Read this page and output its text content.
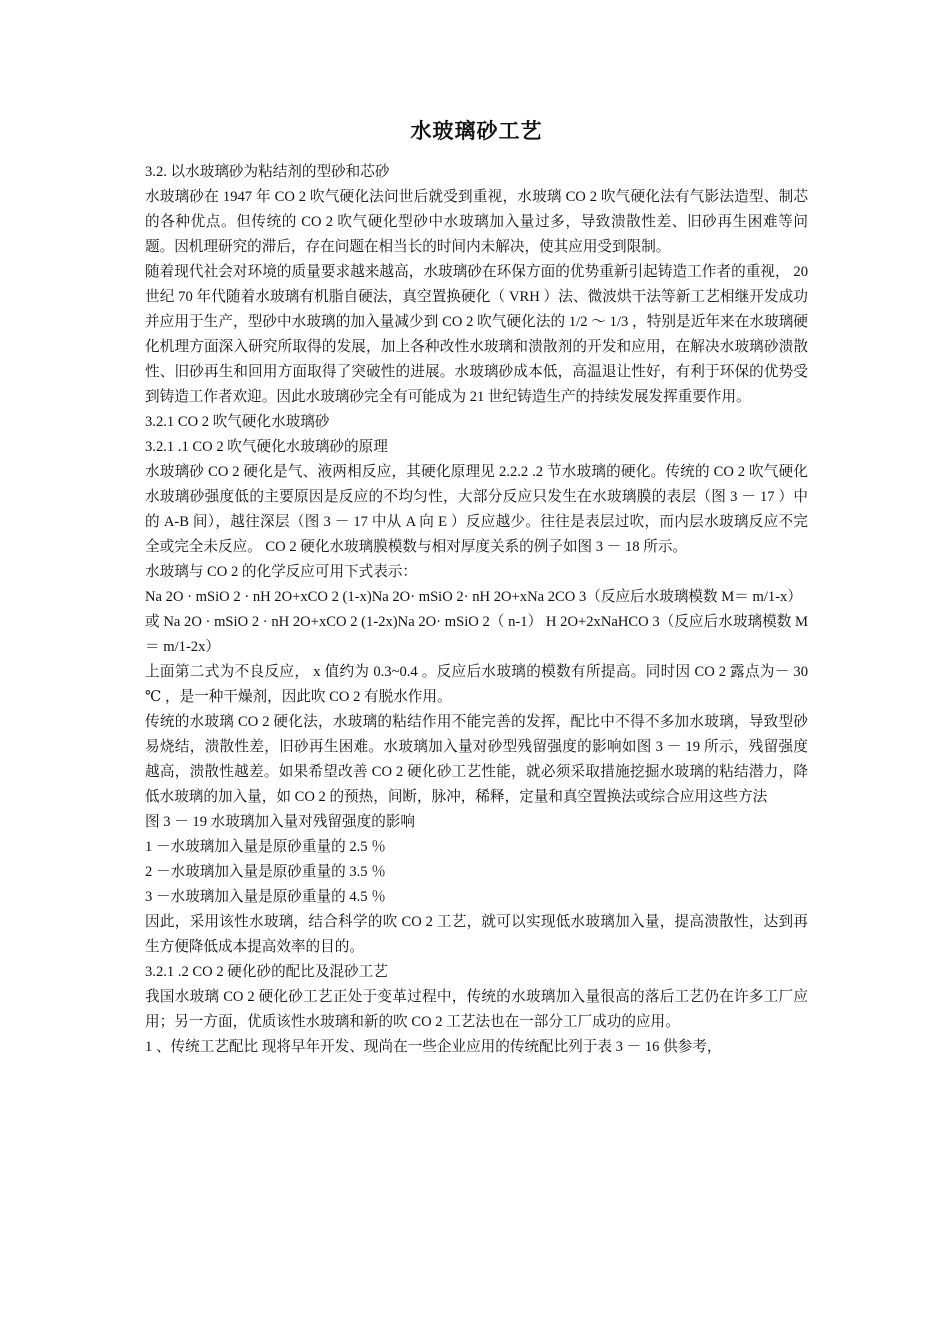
水玻璃砂工艺

3.2. 以水玻璃砂为粘结剂的型砂和芯砂

水玻璃砂在 1947 年 CO 2 吹气硬化法问世后就受到重视，水玻璃 CO 2 吹气硬化法有气影法造型、制芯的各种优点。但传统的 CO 2 吹气硬化型砂中水玻璃加入量过多，导致溃散性差、旧砂再生困难等问题。因机理研究的滞后，存在问题在相当长的时间内未解决，使其应用受到限制。

随着现代社会对环境的质量要求越来越高，水玻璃砂在环保方面的优势重新引起铸造工作者的重视， 20 世纪 70 年代随着水玻璃有机脂自硬法，真空置换硬化（ VRH ）法、微波烘干法等新工艺相继开发成功并应用于生产，型砂中水玻璃的加入量减少到 CO 2 吹气硬化法的 1/2 ～ 1/3 ，特别是近年来在水玻璃硬化机理方面深入研究所取得的发展，加上各种改性水玻璃和溃散剂的开发和应用，在解决水玻璃砂溃散性、旧砂再生和回用方面取得了突破性的进展。水玻璃砂成本低，高温退让性好，有利于环保的优势受到铸造工作者欢迎。因此水玻璃砂完全有可能成为 21 世纪铸造生产的持续发展发挥重要作用。

3.2.1 CO 2 吹气硬化水玻璃砂

3.2.1 .1 CO 2 吹气硬化水玻璃砂的原理

水玻璃砂 CO 2 硬化是气、液两相反应，其硬化原理见 2.2.2 .2 节水玻璃的硬化。传统的 CO 2 吹气硬化水玻璃砂强度低的主要原因是反应的不均匀性，大部分反应只发生在水玻璃膜的表层（图 3 － 17 ）中的 A-B 间），越往深层（图 3 － 17 中从 A 向 E ）反应越少。往往是表层过吹，而内层水玻璃反应不完全或完全未反应。 CO 2 硬化水玻璃膜模数与相对厚度关系的例子如图 3 － 18 所示。

水玻璃与 CO 2 的化学反应可用下式表示：

Na 2O · mSiO 2 · nH 2O+xCO 2 (1-x)Na 2O· mSiO 2· nH 2O+xNa 2CO 3（反应后水玻璃模数 M＝ m/1-x）

或 Na 2O · mSiO 2 · nH 2O+xCO 2 (1-2x)Na 2O· mSiO 2（ n-1） H 2O+2xNaHCO 3（反应后水玻璃模数 M＝ m/1-2x）

上面第二式为不良反应， x 值约为 0.3~0.4 。反应后水玻璃的模数有所提高。同时因 CO 2 露点为－ 30 ℃ ，是一种干燥剂，因此吹 CO 2 有脱水作用。

传统的水玻璃 CO 2 硬化法，水玻璃的粘结作用不能完善的发挥，配比中不得不多加水玻璃，导致型砂易烧结，溃散性差，旧砂再生困难。水玻璃加入量对砂型残留强度的影响如图 3 － 19 所示，残留强度越高，溃散性越差。如果希望改善 CO 2 硬化砂工艺性能，就必须采取措施挖掘水玻璃的粘结潜力，降低水玻璃的加入量，如 CO 2 的预热，间断，脉冲，稀释，定量和真空置换法或综合应用这些方法

图 3 － 19 水玻璃加入量对残留强度的影响

1 －水玻璃加入量是原砂重量的 2.5 ％

2 －水玻璃加入量是原砂重量的 3.5 ％

3 －水玻璃加入量是原砂重量的 4.5 ％

因此，采用该性水玻璃，结合科学的吹 CO 2 工艺，就可以实现低水玻璃加入量，提高溃散性，达到再生方便降低成本提高效率的目的。

3.2.1 .2 CO 2 硬化砂的配比及混砂工艺

我国水玻璃 CO 2 硬化砂工艺正处于变革过程中，传统的水玻璃加入量很高的落后工艺仍在许多工厂应用；另一方面，优质该性水玻璃和新的吹 CO 2 工艺法也在一部分工厂成功的应用。

1 、传统工艺配比 现将早年开发、现尚在一些企业应用的传统配比列于表 3 － 16 供参考，
